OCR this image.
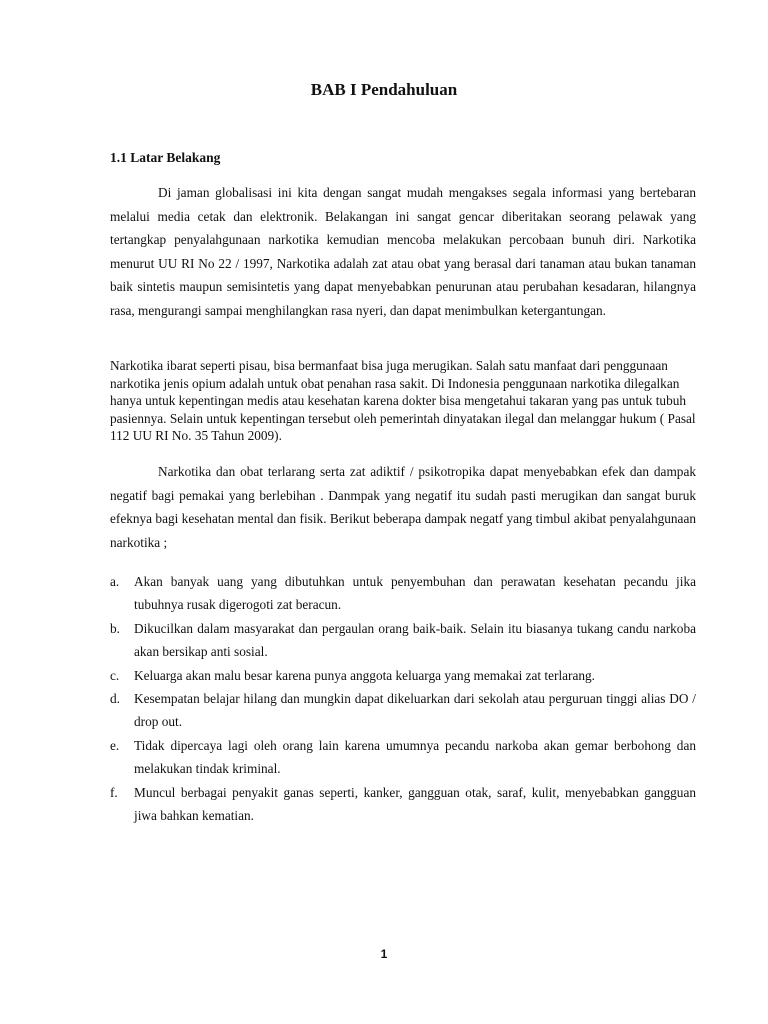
BAB I Pendahuluan
1.1 Latar Belakang

Di jaman globalisasi ini kita dengan sangat mudah mengakses segala informasi yang bertebaran melalui media cetak dan elektronik. Belakangan ini sangat gencar diberitakan seorang pelawak yang tertangkap penyalahgunaan narkotika kemudian mencoba melakukan percobaan bunuh diri. Narkotika menurut UU RI No 22 / 1997, Narkotika adalah zat atau obat yang berasal dari tanaman atau bukan tanaman baik sintetis maupun semisintetis yang dapat menyebabkan penurunan atau perubahan kesadaran, hilangnya rasa, mengurangi sampai menghilangkan rasa nyeri, dan dapat menimbulkan ketergantungan.

Narkotika ibarat seperti pisau, bisa bermanfaat bisa juga merugikan. Salah satu manfaat dari penggunaan narkotika jenis opium adalah untuk obat penahan rasa sakit. Di Indonesia penggunaan narkotika dilegalkan hanya untuk kepentingan medis atau kesehatan karena dokter bisa mengetahui takaran yang pas untuk tubuh pasiennya. Selain untuk kepentingan tersebut oleh pemerintah dinyatakan ilegal dan melanggar hukum ( Pasal 112 UU RI No. 35 Tahun 2009).

Narkotika dan obat terlarang serta zat adiktif / psikotropika dapat menyebabkan efek dan dampak negatif bagi pemakai yang berlebihan . Danmpak yang negatif itu sudah pasti merugikan dan sangat buruk efeknya bagi kesehatan mental dan fisik. Berikut beberapa dampak negatf yang timbul akibat penyalahgunaan narkotika ;

a. Akan banyak uang yang dibutuhkan untuk penyembuhan dan perawatan kesehatan pecandu jika tubuhnya rusak digerogoti zat beracun.
b. Dikucilkan dalam masyarakat dan pergaulan orang baik-baik. Selain itu biasanya tukang candu narkoba akan bersikap anti sosial.
c. Keluarga akan malu besar karena punya anggota keluarga yang memakai zat terlarang.
d. Kesempatan belajar hilang dan mungkin dapat dikeluarkan dari sekolah atau perguruan tinggi alias DO / drop out.
e. Tidak dipercaya lagi oleh orang lain karena umumnya pecandu narkoba akan gemar berbohong dan melakukan tindak kriminal.
f. Muncul berbagai penyakit ganas seperti, kanker, gangguan otak, saraf, kulit, menyebabkan gangguan jiwa bahkan kematian.
1
